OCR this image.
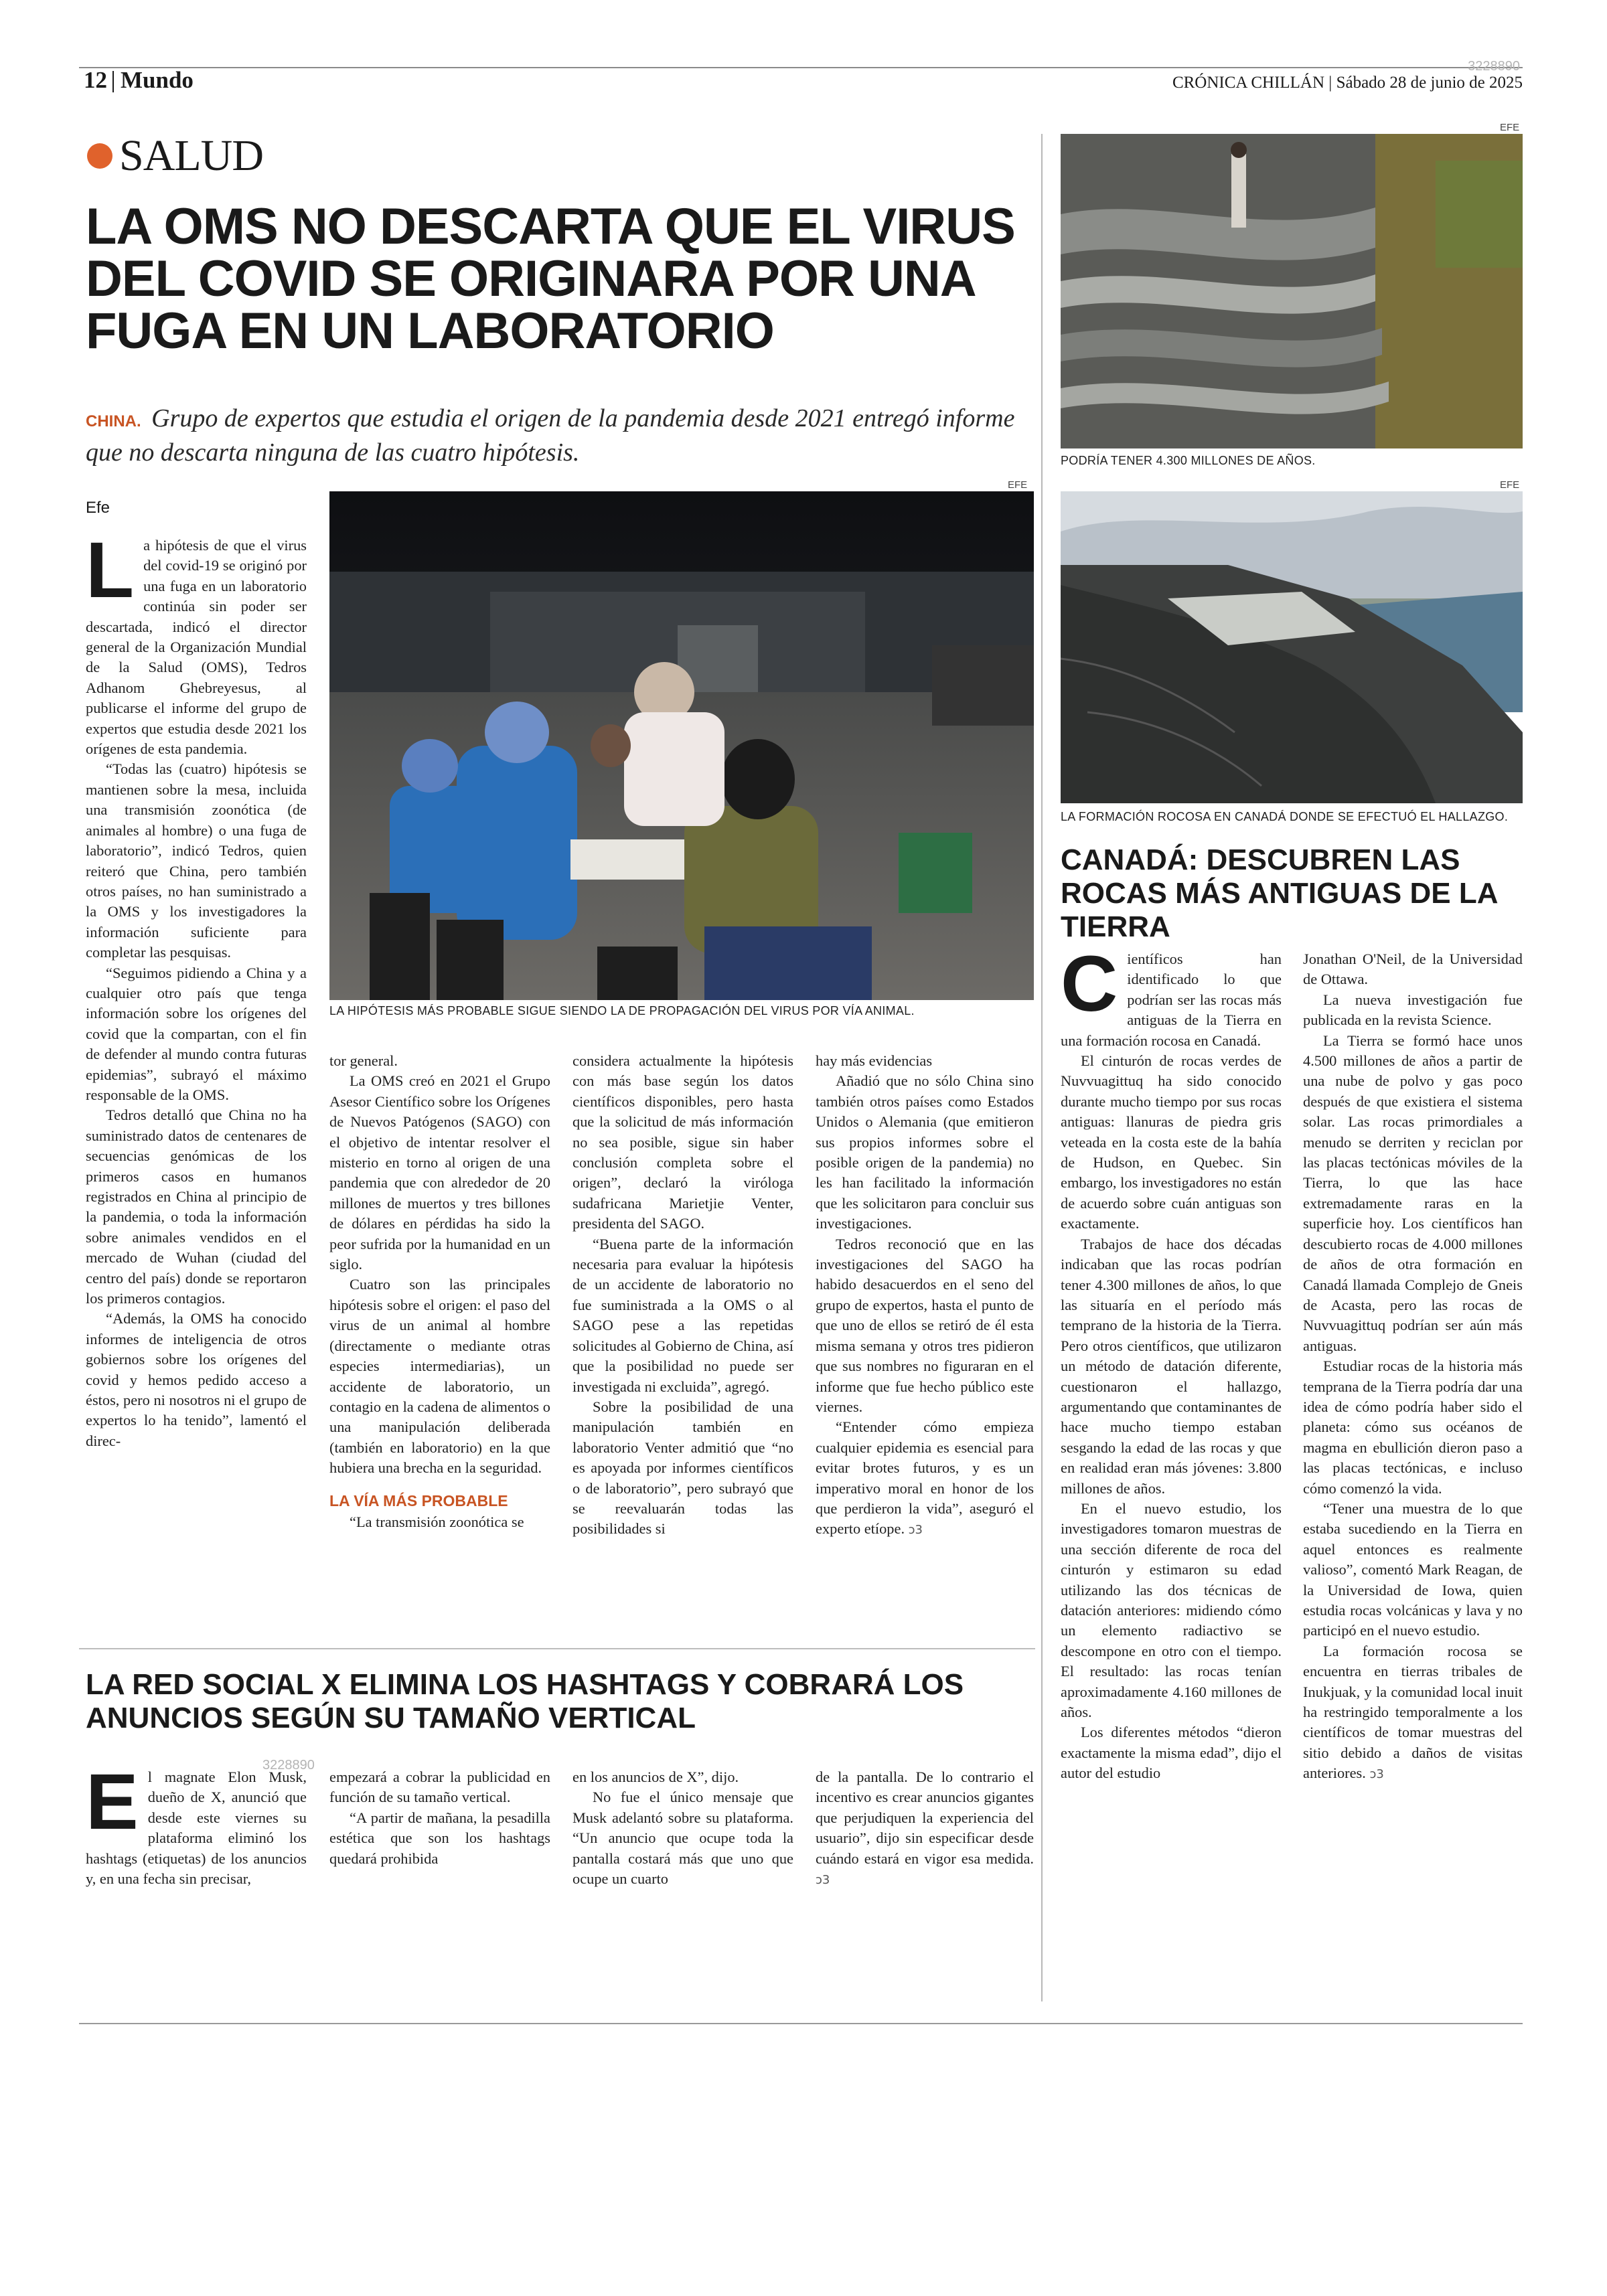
12 Mundo	CRÓNICA CHILLÁN | Sábado 28 de junio de 2025
3228890
SALUD
LA OMS NO DESCARTA QUE EL VIRUS DEL COVID SE ORIGINARA POR UNA FUGA EN UN LABORATORIO
CHINA. Grupo de expertos que estudia el origen de la pandemia desde 2021 entregó informe que no descarta ninguna de las cuatro hipótesis.
Efe
EFE
LA HIPÓTESIS MÁS PROBABLE SIGUE SIENDO LA DE PROPAGACIÓN DEL VIRUS POR VÍA ANIMAL.
L a hipótesis de que el virus del covid-19 se originó por una fuga en un laboratorio continúa sin poder ser descartada, indicó el director general de la Organización Mundial de la Salud (OMS), Tedros Adhanom Ghebreyesus, al publicarse el informe del grupo de expertos que estudia desde 2021 los orígenes de esta pandemia.

“Todas las (cuatro) hipótesis se mantienen sobre la mesa, incluida una transmisión zoonótica (de animales al hombre) o una fuga de laboratorio”, indicó Tedros, quien reiteró que China, pero también otros países, no han suministrado a la OMS y los investigadores la información suficiente para completar las pesquisas.

“Seguimos pidiendo a China y a cualquier otro país que tenga información sobre los orígenes del covid que la compartan, con el fin de defender al mundo contra futuras epidemias”, subrayó el máximo responsable de la OMS.

Tedros detalló que China no ha suministrado datos de centenares de secuencias genómicas de los primeros casos en humanos registrados en China al principio de la pandemia, o toda la información sobre animales vendidos en el mercado de Wuhan (ciudad del centro del país) donde se reportaron los primeros contagios.

“Además, la OMS ha conocido informes de inteligencia de otros gobiernos sobre los orígenes del covid y hemos pedido acceso a éstos, pero ni nosotros ni el grupo de expertos lo ha tenido”, lamentó el direc-

tor general.

La OMS creó en 2021 el Grupo Asesor Científico sobre los Orígenes de Nuevos Patógenos (SAGO) con el objetivo de intentar resolver el misterio en torno al origen de una pandemia que con alrededor de 20 millones de muertos y tres billones de dólares en pérdidas ha sido la peor sufrida por la humanidad en un siglo.

Cuatro son las principales hipótesis sobre el origen: el paso del virus de un animal al hombre (directamente o mediante otras especies intermediarias), un accidente de laboratorio, un contagio en la cadena de alimentos o una manipulación deliberada (también en laboratorio) en la que hubiera una brecha en la seguridad.

LA VÍA MÁS PROBABLE

“La transmisión zoonótica se

considera actualmente la hipótesis con más base según los datos científicos disponibles, pero hasta que la solicitud de más información no sea posible, sigue sin haber conclusión completa sobre el origen”, declaró la viróloga sudafricana Marietjie Venter, presidenta del SAGO.

“Buena parte de la información necesaria para evaluar la hipótesis de un accidente de laboratorio no fue suministrada a la OMS o al SAGO pese a las repetidas solicitudes al Gobierno de China, así que la posibilidad no puede ser investigada ni excluida”, agregó.

Sobre la posibilidad de una manipulación también en laboratorio Venter admitió que “no es apoyada por informes científicos o de laboratorio”, pero subrayó que se reevaluarán todas las posibilidades si

hay más evidencias

Añadió que no sólo China sino también otros países como Estados Unidos o Alemania (que emitieron sus propios informes sobre el posible origen de la pandemia) no les han facilitado la información que les solicitaron para concluir sus investigaciones.

Tedros reconoció que en las investigaciones del SAGO ha habido desacuerdos en el seno del grupo de expertos, hasta el punto de que uno de ellos se retiró de él esta misma semana y otros tres pidieron que sus nombres no figuraran en el informe que fue hecho público este viernes.

“Entender cómo empieza cualquier epidemia es esencial para evitar brotes futuros, y es un imperativo moral en honor de los que perdieron la vida”, aseguró el experto etíope. ↄ3

EFE
PODRÍA TENER 4.300 MILLONES DE AÑOS.
EFE
LA FORMACIÓN ROCOSA EN CANADÁ DONDE SE EFECTUÓ EL HALLAZGO.
CANADÁ: DESCUBREN LAS ROCAS MÁS ANTIGUAS DE LA TIERRA
C ientíficos han identificado lo que podrían ser las rocas más antiguas de la Tierra en una formación rocosa en Canadá.

El cinturón de rocas verdes de Nuvvuagittuq ha sido conocido durante mucho tiempo por sus rocas antiguas: llanuras de piedra gris veteada en la costa este de la bahía de Hudson, en Quebec. Sin embargo, los investigadores no están de acuerdo sobre cuán antiguas son exactamente.

Trabajos de hace dos décadas indicaban que las rocas podrían tener 4.300 millones de años, lo que las situaría en el período más temprano de la historia de la Tierra. Pero otros científicos, que utilizaron un método de datación diferente, cuestionaron el hallazgo, argumentando que contaminantes de hace mucho tiempo estaban sesgando la edad de las rocas y que en realidad eran más jóvenes: 3.800 millones de años.

En el nuevo estudio, los investigadores tomaron muestras de una sección diferente de roca del cinturón y estimaron su edad utilizando las dos técnicas de datación anteriores: midiendo cómo un elemento radiactivo se descompone en otro con el tiempo. El resultado: las rocas tenían aproximadamente 4.160 millones de años.

Los diferentes métodos “dieron exactamente la misma edad”, dijo el autor del estudio

Jonathan O'Neil, de la Universidad de Ottawa.

La nueva investigación fue publicada en la revista Science.

La Tierra se formó hace unos 4.500 millones de años a partir de una nube de polvo y gas poco después de que existiera el sistema solar. Las rocas primordiales a menudo se derriten y reciclan por las placas tectónicas móviles de la Tierra, lo que las hace extremadamente raras en la superficie hoy. Los científicos han descubierto rocas de 4.000 millones de años de otra formación en Canadá llamada Complejo de Gneis de Acasta, pero las rocas de Nuvvuagittuq podrían ser aún más antiguas.

Estudiar rocas de la historia más temprana de la Tierra podría dar una idea de cómo podría haber sido el planeta: cómo sus océanos de magma en ebullición dieron paso a las placas tectónicas, e incluso cómo comenzó la vida.

“Tener una muestra de lo que estaba sucediendo en la Tierra en aquel entonces es realmente valioso”, comentó Mark Reagan, de la Universidad de Iowa, quien estudia rocas volcánicas y lava y no participó en el nuevo estudio.

La formación rocosa se encuentra en tierras tribales de Inukjuak, y la comunidad local inuit ha restringido temporalmente a los científicos de tomar muestras del sitio debido a daños de visitas anteriores. ↄ3

LA RED SOCIAL X ELIMINA LOS HASHTAGS Y COBRARÁ LOS ANUNCIOS SEGÚN SU TAMAÑO VERTICAL
3228890
E l magnate Elon Musk, dueño de X, anunció que desde este viernes su plataforma eliminó los hashtags (etiquetas) de los anuncios y, en una fecha sin precisar,

empezará a cobrar la publicidad en función de su tamaño vertical.

“A partir de mañana, la pesadilla estética que son los hashtags quedará prohibida

en los anuncios de X”, dijo.

No fue el único mensaje que Musk adelantó sobre su plataforma. “Un anuncio que ocupe toda la pantalla costará más que uno que ocupe un cuarto

de la pantalla. De lo contrario el incentivo es crear anuncios gigantes que perjudiquen la experiencia del usuario”, dijo sin especificar desde cuándo estará en vigor esa medida. ↄ3
